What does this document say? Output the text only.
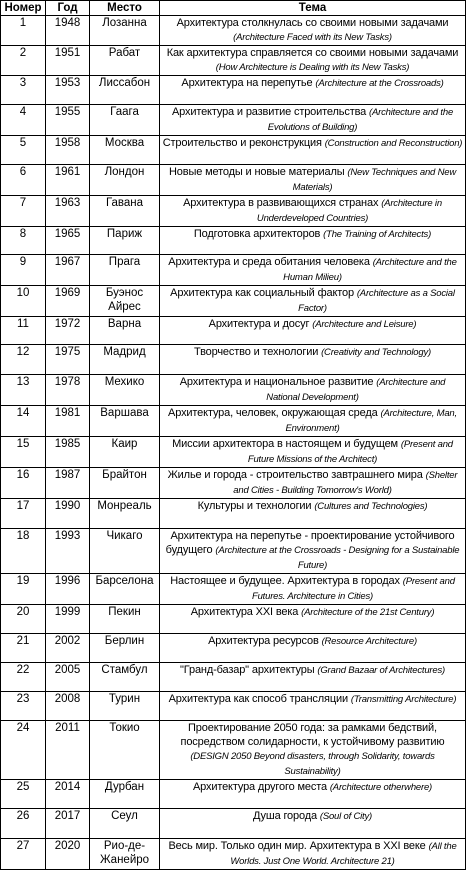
Номер	Год	Место	Тема
1	1948	Лозанна	Архитектура столкнулась со своими новыми задачами (Architecture Faced with its New Tasks)
2	1951	Рабат	Как архитектура справляется со своими новыми задачами (How Architecture is Dealing with its New Tasks)
3	1953	Лиссабон	Архитектура на перепутье (Architecture at the Crossroads)
4	1955	Гаага	Архитектура и развитие строительства (Architecture and the Evolutions of Building)
5	1958	Москва	Строительство и реконструкция (Construction and Reconstruction)
6	1961	Лондон	Новые методы и новые материалы (New Techniques and New Materials)
7	1963	Гавана	Архитектура в развивающихся странах (Architecture in Underdeveloped Countries)
8	1965	Париж	Подготовка архитекторов (The Training of Architects)
9	1967	Прага	Архитектура и среда обитания человека (Architecture and the Human Milieu)
10	1969	Буэнос Айрес	Архитектура как социальный фактор (Architecture as a Social Factor)
11	1972	Варна	Архитектура и досуг (Architecture and Leisure)
12	1975	Мадрид	Творчество и технологии (Creativity and Technology)
13	1978	Мехико	Архитектура и национальное развитие (Architecture and National Development)
14	1981	Варшава	Архитектура, человек, окружающая среда (Architecture, Man, Environment)
15	1985	Каир	Миссии архитектора в настоящем и будущем (Present and Future Missions of the Architect)
16	1987	Брайтон	Жилье и города - строительство завтрашнего мира (Shelter and Cities - Building Tomorrow's World)
17	1990	Монреаль	Культуры и технологии (Cultures and Technologies)
18	1993	Чикаго	Архитектура на перепутье - проектирование устойчивого будущего (Architecture at the Crossroads - Designing for a Sustainable Future)
19	1996	Барселона	Настоящее и будущее. Архитектура в городах (Present and Futures. Architecture in Cities)
20	1999	Пекин	Архитектура XXI века (Architecture of the 21st Century)
21	2002	Берлин	Архитектура ресурсов (Resource Architecture)
22	2005	Стамбул	"Гранд-базар" архитектуры (Grand Bazaar of Architectures)
23	2008	Турин	Архитектура как способ трансляции (Transmitting Architecture)
24	2011	Токио	Проектирование 2050 года: за рамками бедствий, посредством солидарности, к устойчивому развитию (DESIGN 2050 Beyond disasters, through Solidarity, towards Sustainability)
25	2014	Дурбан	Архитектура другого места (Architecture otherwhere)
26	2017	Сеул	Душа города (Soul of City)
27	2020	Рио-де-Жанейро	Весь мир. Только один мир. Архитектура в XXI веке (All the Worlds. Just One World. Architecture 21)
